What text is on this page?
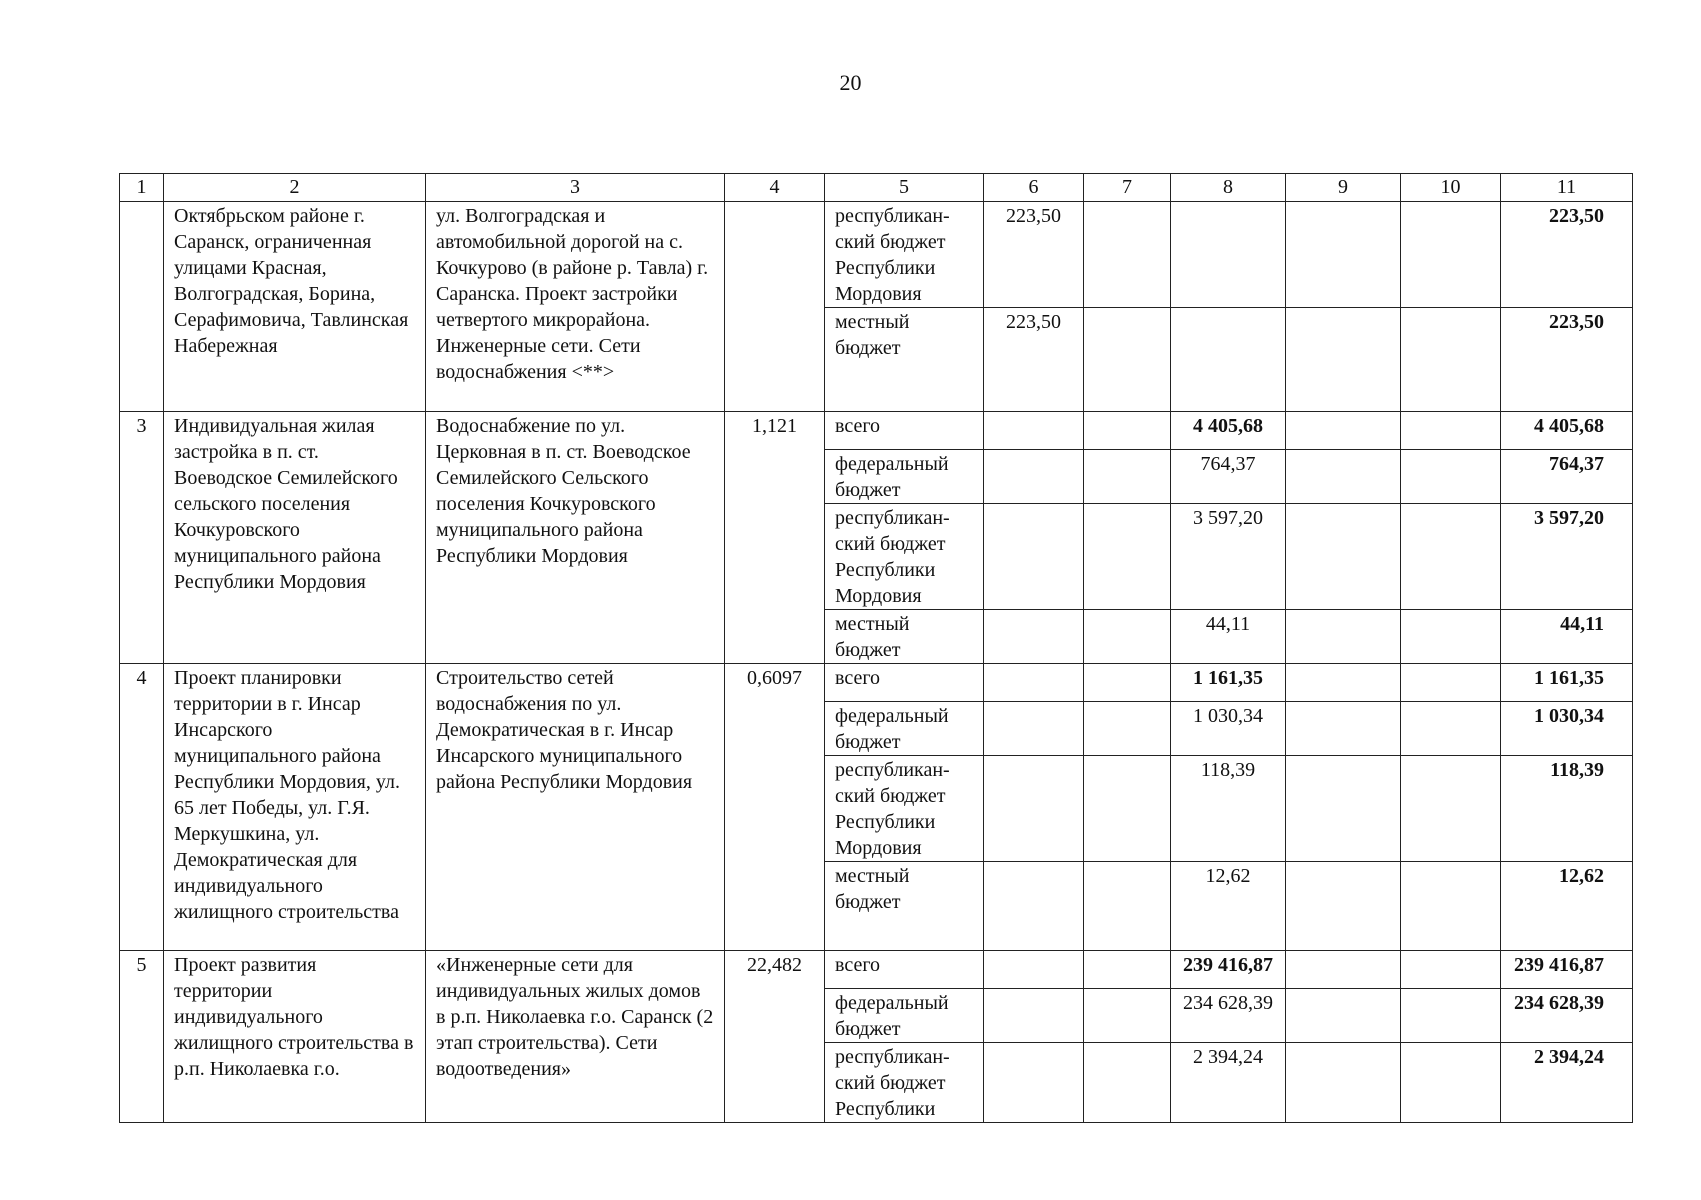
20
1	2	3	4	5	6	7	8	9	10	11
	Октябрьском районе г. Саранск, ограниченная улицами Красная, Волгоградская, Борина, Серафимовича, Тавлинская Набережная	ул. Волгоградская и автомобильной дорогой на с. Кочкурово (в районе р. Тавла) г. Саранска. Проект застройки четвертого микрорайона. Инженерные сети. Сети водоснабжения <**>		республикан-ский бюджет Республики Мордовия	223,50					223,50
				местный бюджет	223,50					223,50
3	Индивидуальная жилая застройка в п. ст. Воеводское Семилейского сельского поселения Кочкуровского муниципального района Республики Мордовия	Водоснабжение по ул. Церковная в п. ст. Воеводское Семилейского Сельского поселения Кочкуровского муниципального района Республики Мордовия	1,121	всего			4 405,68			4 405,68
				федеральный бюджет			764,37			764,37
				республикан-ский бюджет Республики Мордовия			3 597,20			3 597,20
				местный бюджет			44,11			44,11
4	Проект планировки территории в г. Инсар Инсарского муниципального района Республики Мордовия, ул. 65 лет Победы, ул. Г.Я. Меркушкина, ул. Демократическая для индивидуального жилищного строительства	Строительство сетей водоснабжения по ул. Демократическая в г. Инсар Инсарского муниципального района Республики Мордовия	0,6097	всего			1 161,35			1 161,35
				федеральный бюджет			1 030,34			1 030,34
				республикан-ский бюджет Республики Мордовия			118,39			118,39
				местный бюджет			12,62			12,62
5	Проект развития территории индивидуального жилищного строительства в р.п. Николаевка г.о.	«Инженерные сети для индивидуальных жилых домов в р.п. Николаевка г.о. Саранск (2 этап строительства). Сети водоотведения»	22,482	всего			239 416,87			239 416,87
				федеральный бюджет			234 628,39			234 628,39
				республикан-ский бюджет Республики			2 394,24			2 394,24
